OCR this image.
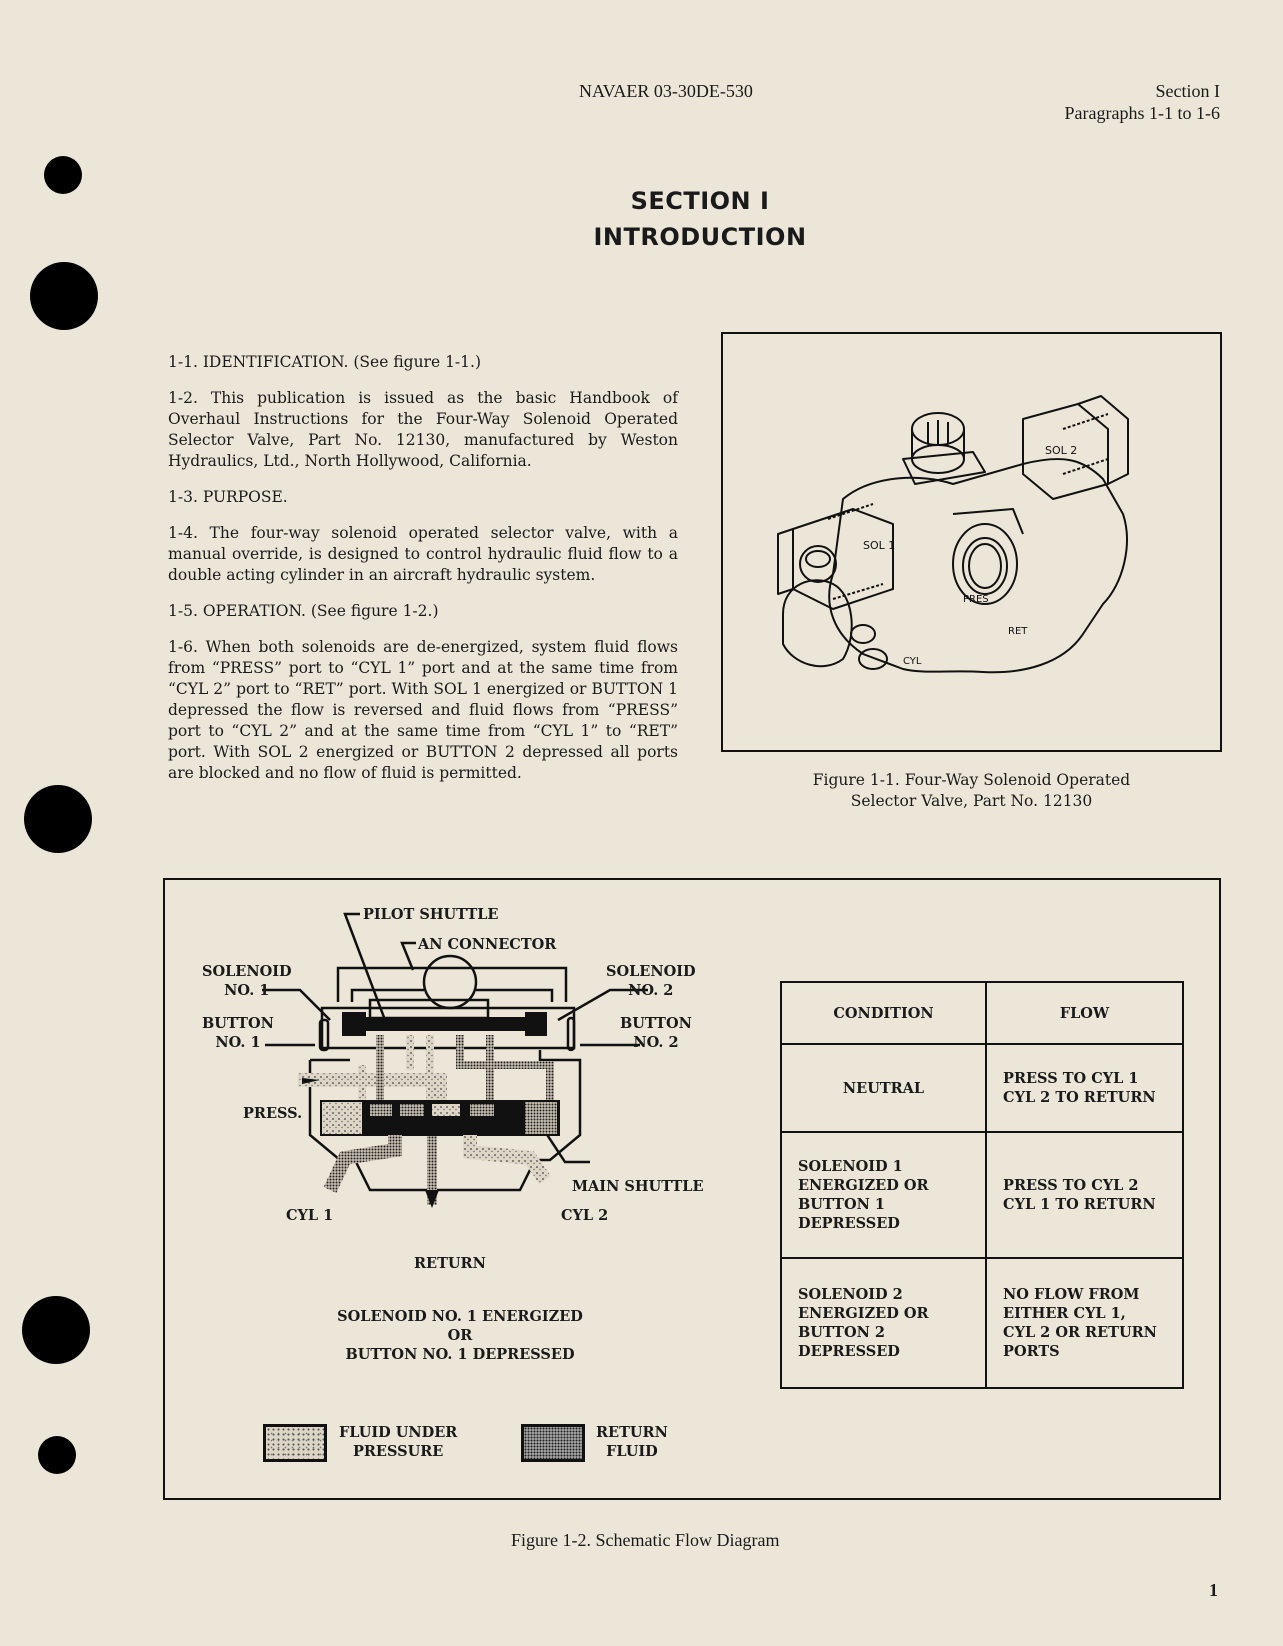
NAVAER 03-30DE-530	Section I
Paragraphs 1-1 to 1-6
SECTION I
INTRODUCTION

1-1. IDENTIFICATION. (See figure 1-1.)

1-2. This publication is issued as the basic Handbook of Overhaul Instructions for the Four-Way Solenoid Operated Selector Valve, Part No. 12130, manufactured by Weston Hydraulics, Ltd., North Hollywood, California.

1-3. PURPOSE.

1-4. The four-way solenoid operated selector valve, with a manual override, is designed to control hydraulic fluid flow to a double acting cylinder in an aircraft hydraulic system.

1-5. OPERATION. (See figure 1-2.)

1-6. When both solenoids are de-energized, system fluid flows from “PRESS” port to “CYL 1” port and at the same time from “CYL 2” port to “RET” port. With SOL 1 energized or BUTTON 1 depressed the flow is reversed and fluid flows from “PRESS” port to “CYL 2” and at the same time from “CYL 1” to “RET” port. With SOL 2 energized or BUTTON 2 depressed all ports are blocked and no flow of fluid is permitted.

SOL 2
SOL 1
PRES
RET
CYL
Figure 1-1. Four-Way Solenoid Operated
Selector Valve, Part No. 12130
PILOT SHUTTLE
AN CONNECTOR
SOLENOID
NO. 1
SOLENOID
NO. 2
BUTTON
NO. 1
BUTTON
NO. 2
PRESS.
MAIN SHUTTLE
CYL 1	CYL 2
RETURN
SOLENOID NO. 1 ENERGIZED
OR
BUTTON NO. 1 DEPRESSED
FLUID UNDER
PRESSURE
RETURN
FLUID
CONDITION	FLOW

NEUTRAL	PRESS TO CYL 1
CYL 2 TO RETURN

SOLENOID 1
ENERGIZED OR
BUTTON 1
DEPRESSED	PRESS TO CYL 2
CYL 1 TO RETURN

SOLENOID 2
ENERGIZED OR
BUTTON 2
DEPRESSED	NO FLOW FROM
EITHER CYL 1,
CYL 2 OR RETURN
PORTS
Figure 1-2. Schematic Flow Diagram
1
